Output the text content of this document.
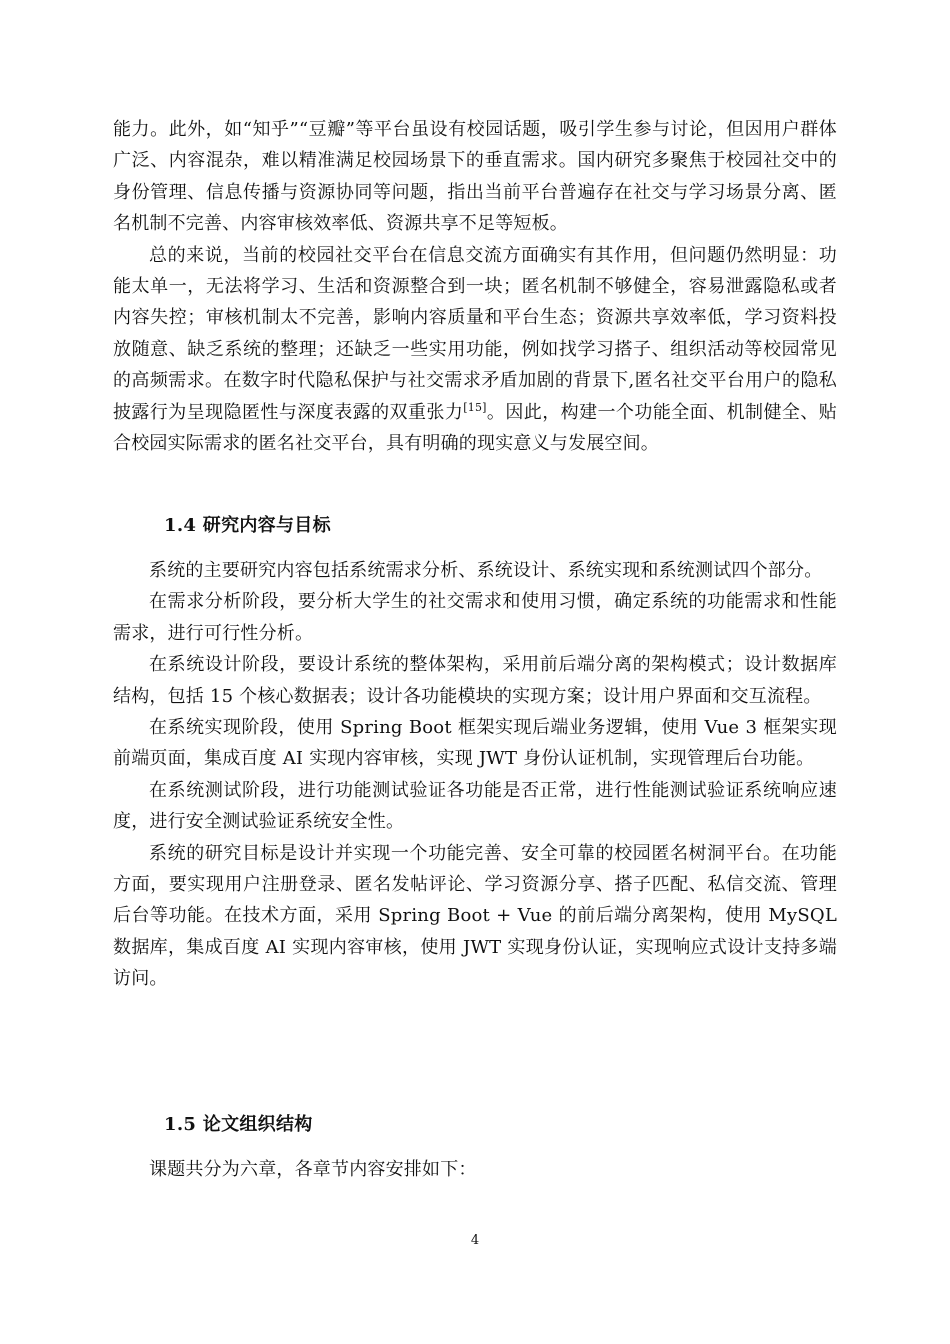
能力。此外，如“知乎”“豆瓣”等平台虽设有校园话题，吸引学生参与讨论，但因用户群体广泛、内容混杂，难以精准满足校园场景下的垂直需求。国内研究多聚焦于校园社交中的身份管理、信息传播与资源协同等问题，指出当前平台普遍存在社交与学习场景分离、匿名机制不完善、内容审核效率低、资源共享不足等短板。

总的来说，当前的校园社交平台在信息交流方面确实有其作用，但问题仍然明显：功能太单一，无法将学习、生活和资源整合到一块；匿名机制不够健全，容易泄露隐私或者内容失控；审核机制太不完善，影响内容质量和平台生态；资源共享效率低，学习资料投放随意、缺乏系统的整理；还缺乏一些实用功能，例如找学习搭子、组织活动等校园常见的高频需求。在数字时代隐私保护与社交需求矛盾加剧的背景下,匿名社交平台用户的隐私披露行为呈现隐匿性与深度表露的双重张力[15]。因此，构建一个功能全面、机制健全、贴合校园实际需求的匿名社交平台，具有明确的现实意义与发展空间。

1.4 研究内容与目标

系统的主要研究内容包括系统需求分析、系统设计、系统实现和系统测试四个部分。

在需求分析阶段，要分析大学生的社交需求和使用习惯，确定系统的功能需求和性能需求，进行可行性分析。

在系统设计阶段，要设计系统的整体架构，采用前后端分离的架构模式；设计数据库结构，包括 15 个核心数据表；设计各功能模块的实现方案；设计用户界面和交互流程。

在系统实现阶段，使用 Spring Boot 框架实现后端业务逻辑，使用 Vue 3 框架实现前端页面，集成百度 AI 实现内容审核，实现 JWT 身份认证机制，实现管理后台功能。

在系统测试阶段，进行功能测试验证各功能是否正常，进行性能测试验证系统响应速度，进行安全测试验证系统安全性。

系统的研究目标是设计并实现一个功能完善、安全可靠的校园匿名树洞平台。在功能方面，要实现用户注册登录、匿名发帖评论、学习资源分享、搭子匹配、私信交流、管理后台等功能。在技术方面，采用 Spring Boot + Vue 的前后端分离架构，使用 MySQL 数据库，集成百度 AI 实现内容审核，使用 JWT 实现身份认证，实现响应式设计支持多端访问。

1.5 论文组织结构

课题共分为六章，各章节内容安排如下：

4
